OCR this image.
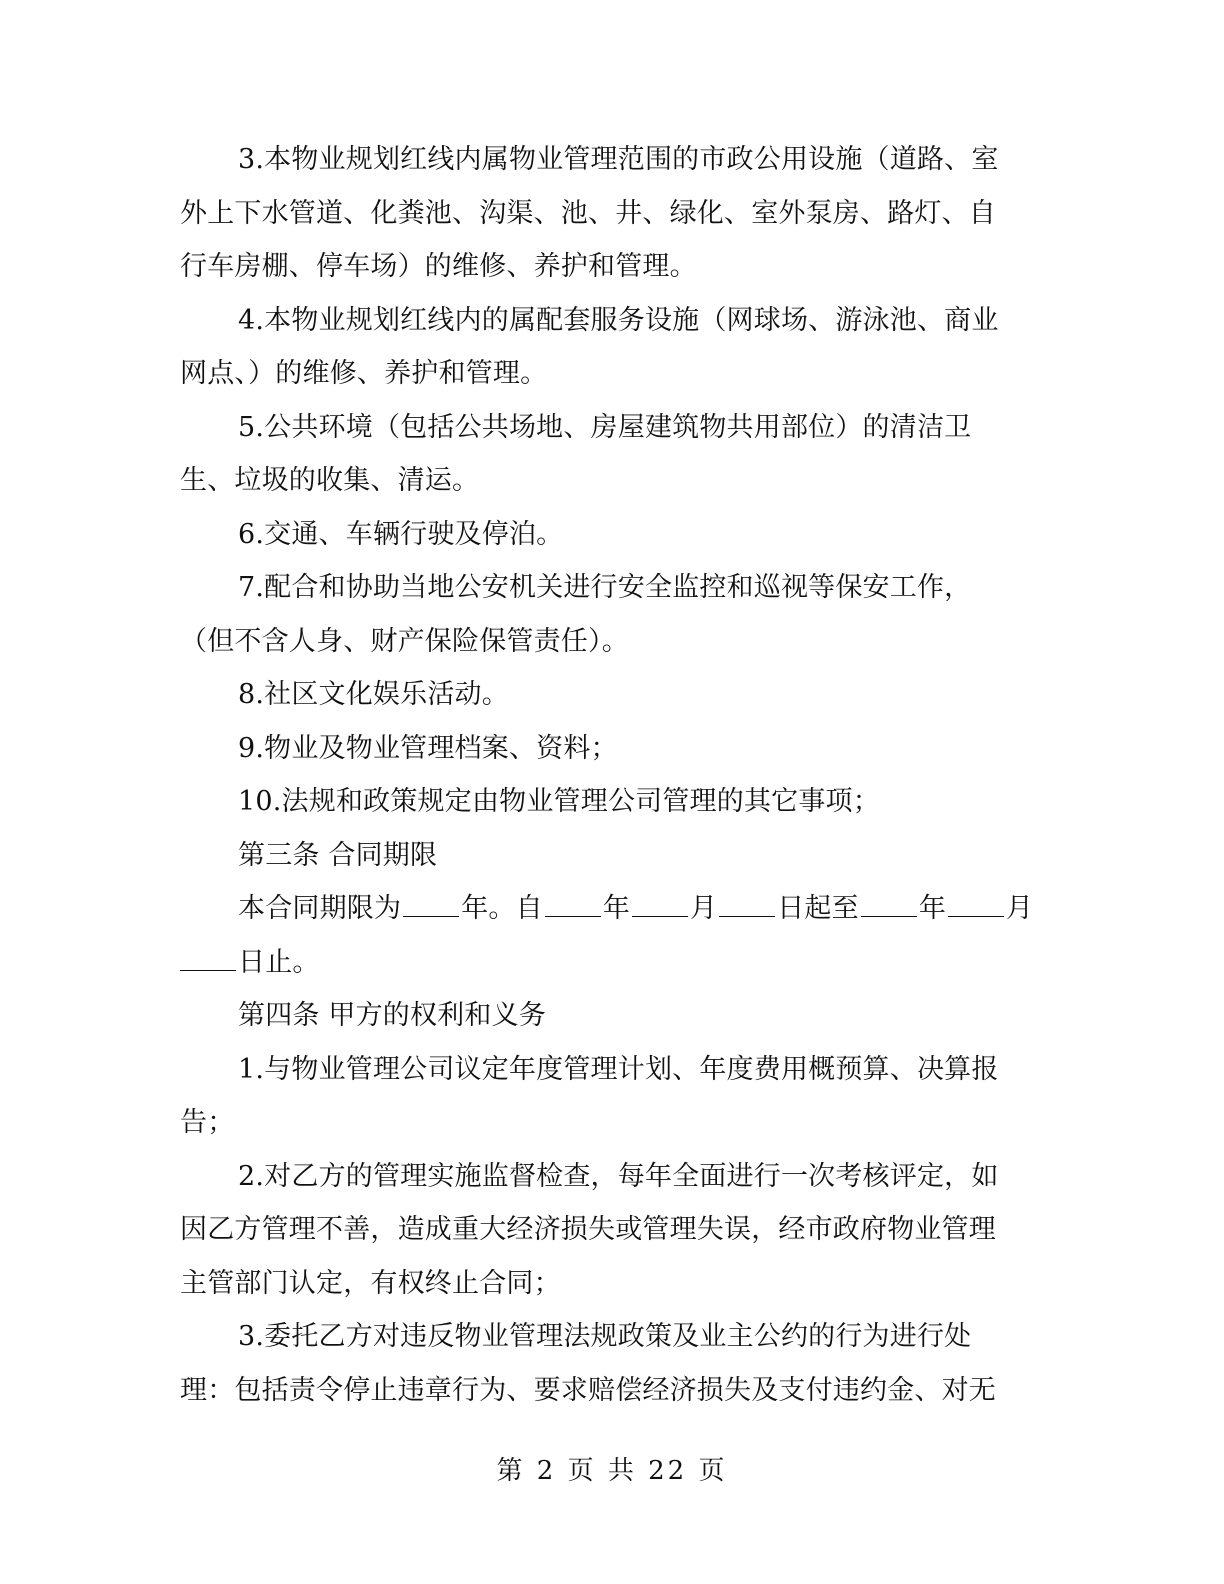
3.本物业规划红线内属物业管理范围的市政公用设施（道路、室
外上下水管道、化粪池、沟渠、池、井、绿化、室外泵房、路灯、自
行车房棚、停车场）的维修、养护和管理。
4.本物业规划红线内的属配套服务设施（网球场、游泳池、商业
网点、）的维修、养护和管理。
5.公共环境（包括公共场地、房屋建筑物共用部位）的清洁卫
生、垃圾的收集、清运。
6.交通、车辆行驶及停泊。
7.配合和协助当地公安机关进行安全监控和巡视等保安工作，
（但不含人身、财产保险保管责任）。
8.社区文化娱乐活动。
9.物业及物业管理档案、资料；
10.法规和政策规定由物业管理公司管理的其它事项；
第三条 合同期限
本合同期限为 年。自 年 月 日起至 年 月
日止。
第四条 甲方的权利和义务
1.与物业管理公司议定年度管理计划、年度费用概预算、决算报
告；
2.对乙方的管理实施监督检查，每年全面进行一次考核评定，如
因乙方管理不善，造成重大经济损失或管理失误，经市政府物业管理
主管部门认定，有权终止合同；
3.委托乙方对违反物业管理法规政策及业主公约的行为进行处
理：包括责令停止违章行为、要求赔偿经济损失及支付违约金、对无
第 2 页 共 22 页
